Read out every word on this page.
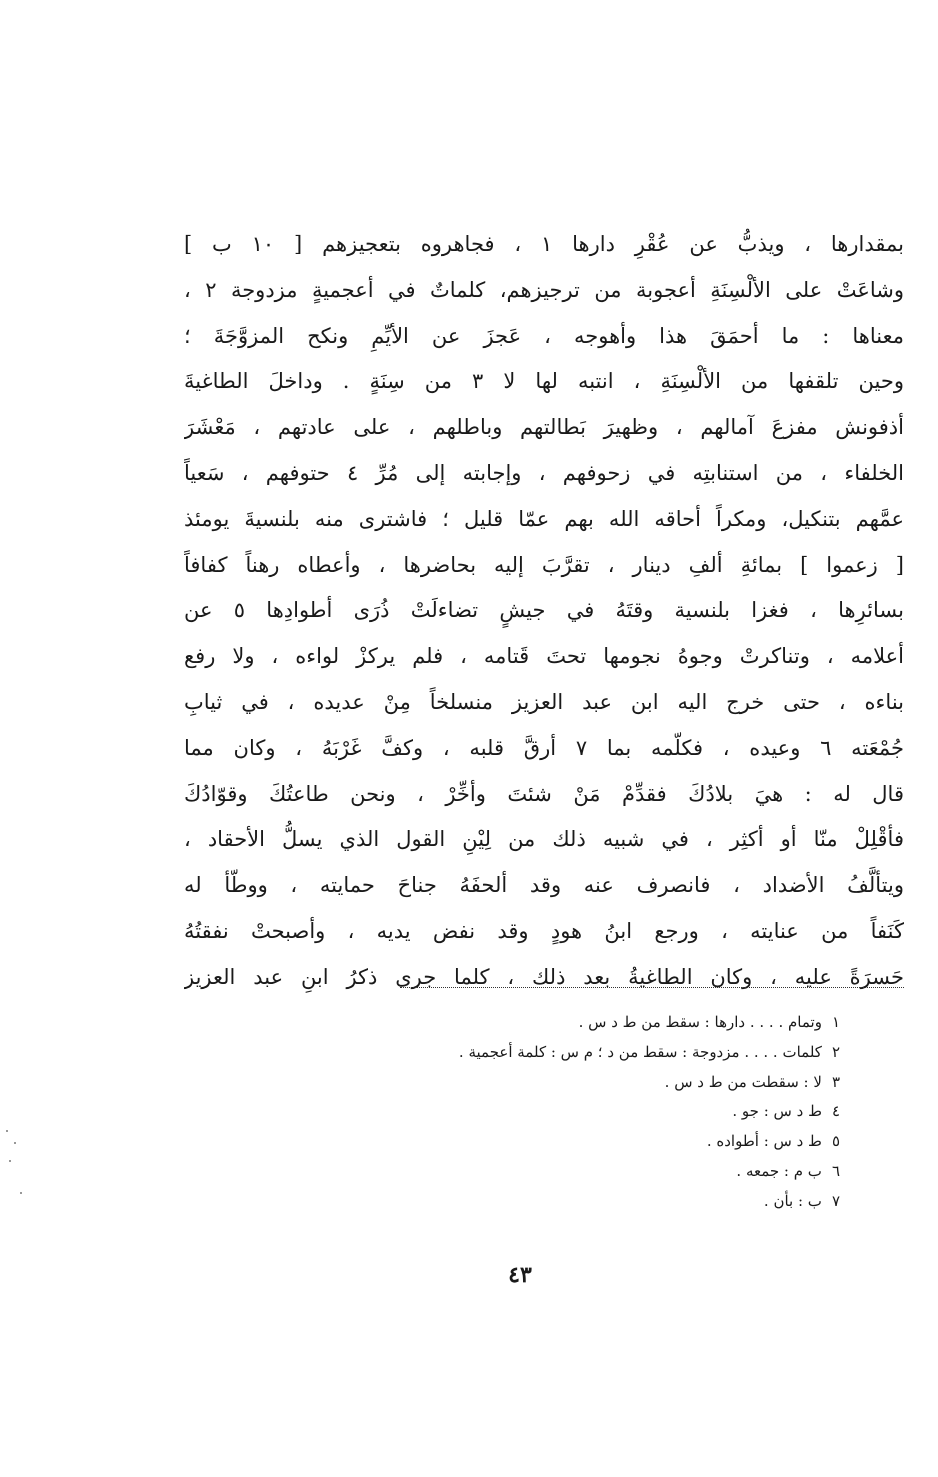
بمقدارها ، ويذبُّ عن عُقْرِ دارها ١ ، فجاهروه بتعجيزهم [ ١٠ ب ]
وشاعَتْ على الألْسِنَةِ أعجوبة من ترجيزهم، كلماتٌ في أعجميةٍ مزدوجة ٢ ،
معناها : ما أحمَقَ هذا وأهوجه ، عَجزَ عن الأيِّمِ ونكح المزوَّجَةَ ؛
وحين تلقفها من الألْسِنَةِ ، انتبه لها لا ٣ من سِنَةٍ . وداخلَ الطاغيةَ
أذفونش مفزعَ آمالهم ، وظهيرَ بَطالتهم وباطلهم ، على عادتهم ، مَعْشَرَ
الخلفاء ، من استنابتِه في زحوفهم ، وإجابته إلى مُرِّ ٤ حتوفهم ، سَعياً
عمَّهم بتنكيل، ومكراً أحاقه الله بهم عمّا قليل ؛ فاشترى منه بلنسيةَ يومئذ
[ زعموا ] بمائةِ ألفِ دينار ، تقرَّبَ إليه بحاضرها ، وأعطاه رهناً كفافاً
بسائرِها ، فغزا بلنسية وقتَهُ في جيشٍ تضاءلَتْ ذُرَى أطوادِها ٥ عن
أعلامه ، وتناكرتْ وجوهُ نجومها تحتَ قَتامه ، فلم يركزْ لواءه ، ولا رفع
بناءه ، حتى خرج اليه ابن عبد العزيز منسلخاً مِنْ عديده ، في ثيابِ
جُمْعَته ٦ وعيده ، فكلّمه بما ٧ أرقَّ قلبه ، وكفَّ غَرْبَهُ ، وكان مما
قال له : هيَ بلادُكَ فقدِّمْ مَنْ شئتَ وأخِّرْ ، ونحن طاعتُكَ وقوّادُكَ
فأقْلِلْ منّا أو أكثِر ، في شبيه ذلك من لِيْنِ القول الذي يسلُّ الأحقاد ،
ويتألَّفُ الأضداد ، فانصرف عنه وقد ألحفَهُ جناحَ حمايته ، ووطّأ له
كَنَفاً من عنايته ، ورجع ابنُ هودٍ وقد نفض يديه ، وأصبحتْ نفقتُهُ
حَسرَةً عليه ، وكان الطاغيةُ بعد ذلك ، كلما جرى ذكرُ ابنِ عبد العزيز
١وتمام . . . . دارها : سقط من ط د س .
٢كلمات . . . . مزدوجة : سقط من د ؛ م س : كلمة أعجمية .
٣لا : سقطت من ط د س .
٤ط د س : جو .
٥ط د س : أطواده .
٦ب م : جمعه .
٧ب : بأن .
٤٣
